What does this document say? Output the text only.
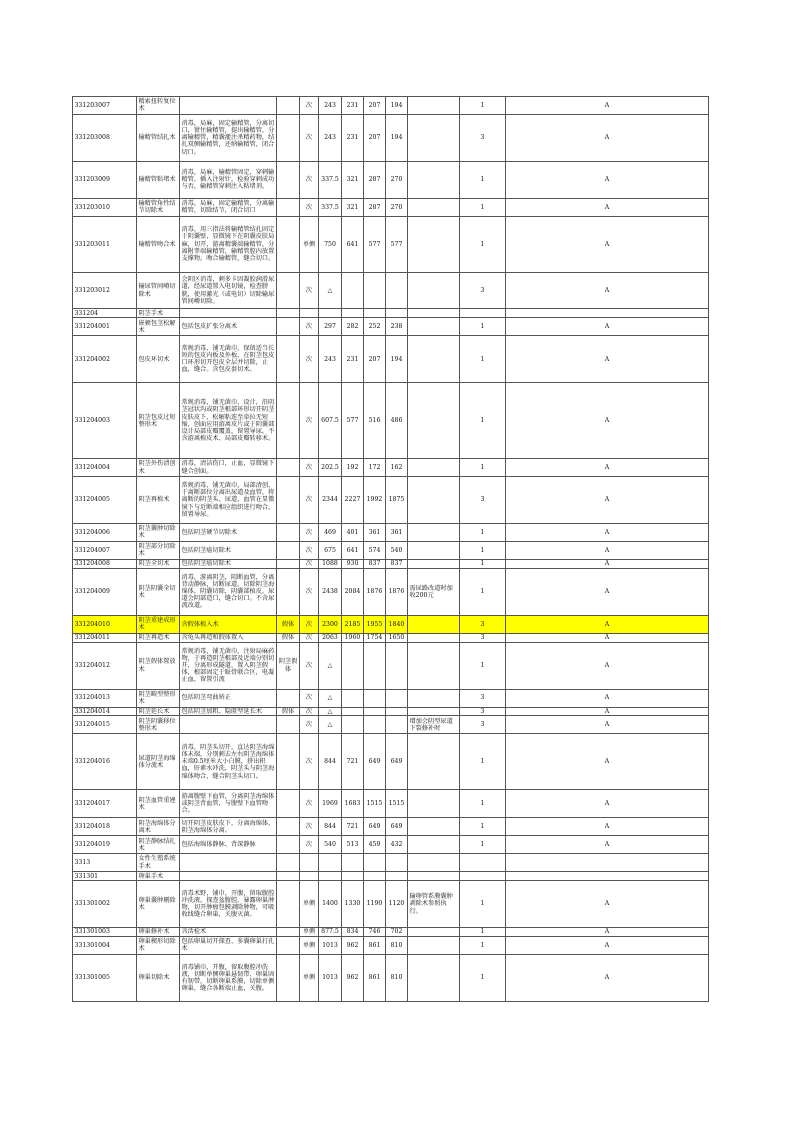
331203007	精索扭转复位术			次	243	231	207	194		1	A
331203008	输精管结扎术	消毒，局麻，固定输精管，分离切口，钳住输精管，提出输精管，分离输精管，精囊灌注杀精药物，结扎双侧输精管，还纳输精管，闭合切口。		次	243	231	207	194		3	A
331203009	输精管粘堵术	消毒，局麻，输精管固定，穿刺输精管，插入注射针，检验穿刺成功与否，输精管穿刺注入粘堵剂。		次	337.5	321	287	270		1	A
331203010	输精管角性结节切除术	消毒，局麻，固定输精管，分离输精管，切除结节，闭合切口		次	337.5	321	287	270		1	A
331203011	输精管吻合术	消毒，用三指法将输精管结扎固定于阴囊壁，显微镜下在阴囊皮肤局麻，切开，游离精囊端输精管，分离附睾端输精管，输精管腔内放置支撑物，吻合输精管，缝合切口。		单侧	750	641	577	577		1	A
331203012	输尿管间嵴切除术	会阴区消毒，刺多卡因凝胶润滑尿道，经尿道置入电切镜，检查膀胱，使用激光（或电切）切除输尿管间嵴切除。		次	△					3	A
331204	阴茎手术										
331204001	嵌顿包茎松解术	包括包皮扩张分离术		次	297	282	252	238		1	A
331204002	包皮环切术	常规消毒，铺无菌巾，保留适当长短的包皮内板及外板，在阴茎包皮口环形切开包皮全层并切除，止血，缝合。含包皮套切术。		次	243	231	207	194		1	A
331204003	阴茎包皮过短整形术	常规消毒，铺无菌巾，设计，沿阴茎冠状沟或阴茎根部环形切开阴茎皮肤皮下，松解粘连至牵拉无短缩，创面应用游离皮片或于阴囊部设计局部皮瓣覆盖，留置导尿。不含游离植皮术、局部皮瓣转移术。		次	607.5	577	516	486		1	A
331204004	阴茎外伤清创术	消毒，清洁伤口，止血，显微镜下缝合创面。		次	202.5	192	172	162		1	A
331204005	阴茎再植术	常规消毒，铺无菌巾，局部清创，于离断部位分离出尿道及血管，将离断的阴茎头、尿道、血管在显微镜下与近断端相应组织进行吻合，留置导尿。		次	2344	2227	1992	1875		3	A
331204006	阴茎囊肿切除术	包括阴茎硬节切除术		次	469	401	361	361		1	A
331204007	阴茎部分切除术	包括阴茎癌切除术		次	675	641	574	540		1	A
331204008	阴茎全切术	包括阴茎癌切除术		次	1088	930	837	837		1	A
331204009	阴茎阴囊全切术	消毒，游离阴茎，阻断血管，分离背动静脉，切断尿道，切除阴茎海绵体，阴囊切除，阴囊部植皮，尿道会阴部造口，缝合切口。不含尿流改道。		次	2438	2084	1876	1876	需尿路改道时加收200元	1	A
331204010	阴茎重建成形术	含假体植入术	假体	次	2300	2185	1955	1840		3	A
331204011	阴茎再造术	含龟头再造和假体置入	假体	次	2063	1960	1754	1650		3	A
331204012	阴茎假体置放术	常规消毒，铺无菌巾，注射局麻药物，于再造阴茎根部及近端分别切开，分离形成隧道，置入阴茎假体，根部固定于耻骨联合区，电凝止血，留置引流	阴茎假体	次	△					1	A
331204013	阴茎畸型整形术	包括阴茎弯曲矫正		次	△					3	A
331204014	阴茎延长术	包括阴茎加粗、隐匿型延长术	假体	次	△					3	A
331204015	阴茎阴囊移位整形术			次	△				增加会阴型尿道下裂修补时	3	A
331204016	尿道阴茎海绵体分流术	消毒，阴茎头切开，直达阴茎海绵体末端，分别刺去左右阴茎海绵体末端0.5厘米大小白膜，挤出积血，肝素水冲洗，阴茎头与阴茎海绵体吻合，缝合阴茎头切口。		次	844	721	649	649		1	A
331204017	阴茎血管重建术	游离腹壁下血管，分离阴茎海绵体或阴茎背血管，与腹壁下血管吻合。		次	1969	1683	1515	1515		1	A
331204018	阴茎海绵体分离术	切开阴茎皮肤皮下，分离海绵体，阴茎海绵体分离。		次	844	721	649	649		1	A
331204019	阴茎静脉结扎术	包括海绵体静脉、背深静脉		次	540	513	459	432		1	A
3313	女性生殖系统手术										
331301	卵巢手术										
331301002	卵巢囊肿剔除术	消毒术野，铺巾，开腹，留取腹腔冲洗液，探查盆腹腔，暴露卵巢肿物，切开肿瘤包膜剥除肿物，可吸收线缝合卵巢，关腹灭菌。		单侧	1400	1330	1190	1120	输卵管系膜囊肿剥除术参照执行。	1	A
331301003	卵巢修补术	含活检术		单侧	877.5	834	746	702		1	A
331301004	卵巢楔形切除术	包括卵巢切开探查、多囊卵巢打孔术		单侧	1013	962	861	810		1	A
331301005	卵巢切除术	消毒铺巾，开腹，留取腹腔冲洗液，切断单侧卵巢悬韧带、卵巢固有韧带，切断卵巢系膜，切除单侧卵巢，缝合各断端止血，关腹。		单侧	1013	962	861	810		1	A
